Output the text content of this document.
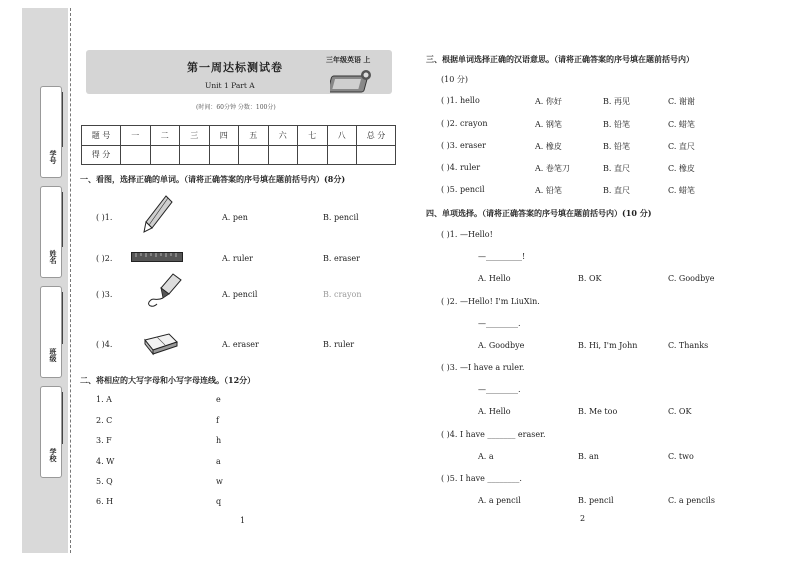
学号
姓名
班级
学校
第一周达标测试卷
三年级英语 上
Unit 1 Part A
(时间：60分钟 分数：100分)
题 号	一	二	三	四	五	六	七	八	总 分
得 分									
一、看图，选择正确的单词。（请将正确答案的序号填在题前括号内）(8分)
( )1.	A. pen	B. pencil
( )2.	A. ruler	B. eraser
( )3.	A. pencil	B. crayon
( )4.	A. eraser	B. ruler
二、将相应的大写字母和小写字母连线。（12分）
1. A	e
2. C	f
3. F	h
4. W	a
5. Q	w
6. H	q
1
三、根据单词选择正确的汉语意思。（请将正确答案的序号填在题前括号内）
(10 分)
( )1. hello	A. 你好	B. 再见	C. 谢谢
( )2. crayon	A. 钢笔	B. 铅笔	C. 蜡笔
( )3. eraser	A. 橡皮	B. 铅笔	C. 直尺
( )4. ruler	A. 卷笔刀	B. 直尺	C. 橡皮
( )5. pencil	A. 铅笔	B. 直尺	C. 蜡笔
四、单项选择。（请将正确答案的序号填在题前括号内）(10 分)
( )1. —Hello!
—_________!
A. Hello	B. OK	C. Goodbye
( )2. —Hello! I'm LiuXin.
—________.
A. Goodbye	B. Hi, I'm John	C. Thanks
( )3. —I have a ruler.
—________.
A. Hello	B. Me too	C. OK
( )4. I have _______ eraser.
A. a	B. an	C. two
( )5. I have ________.
A. a pencil	B. pencil	C. a pencils
2
